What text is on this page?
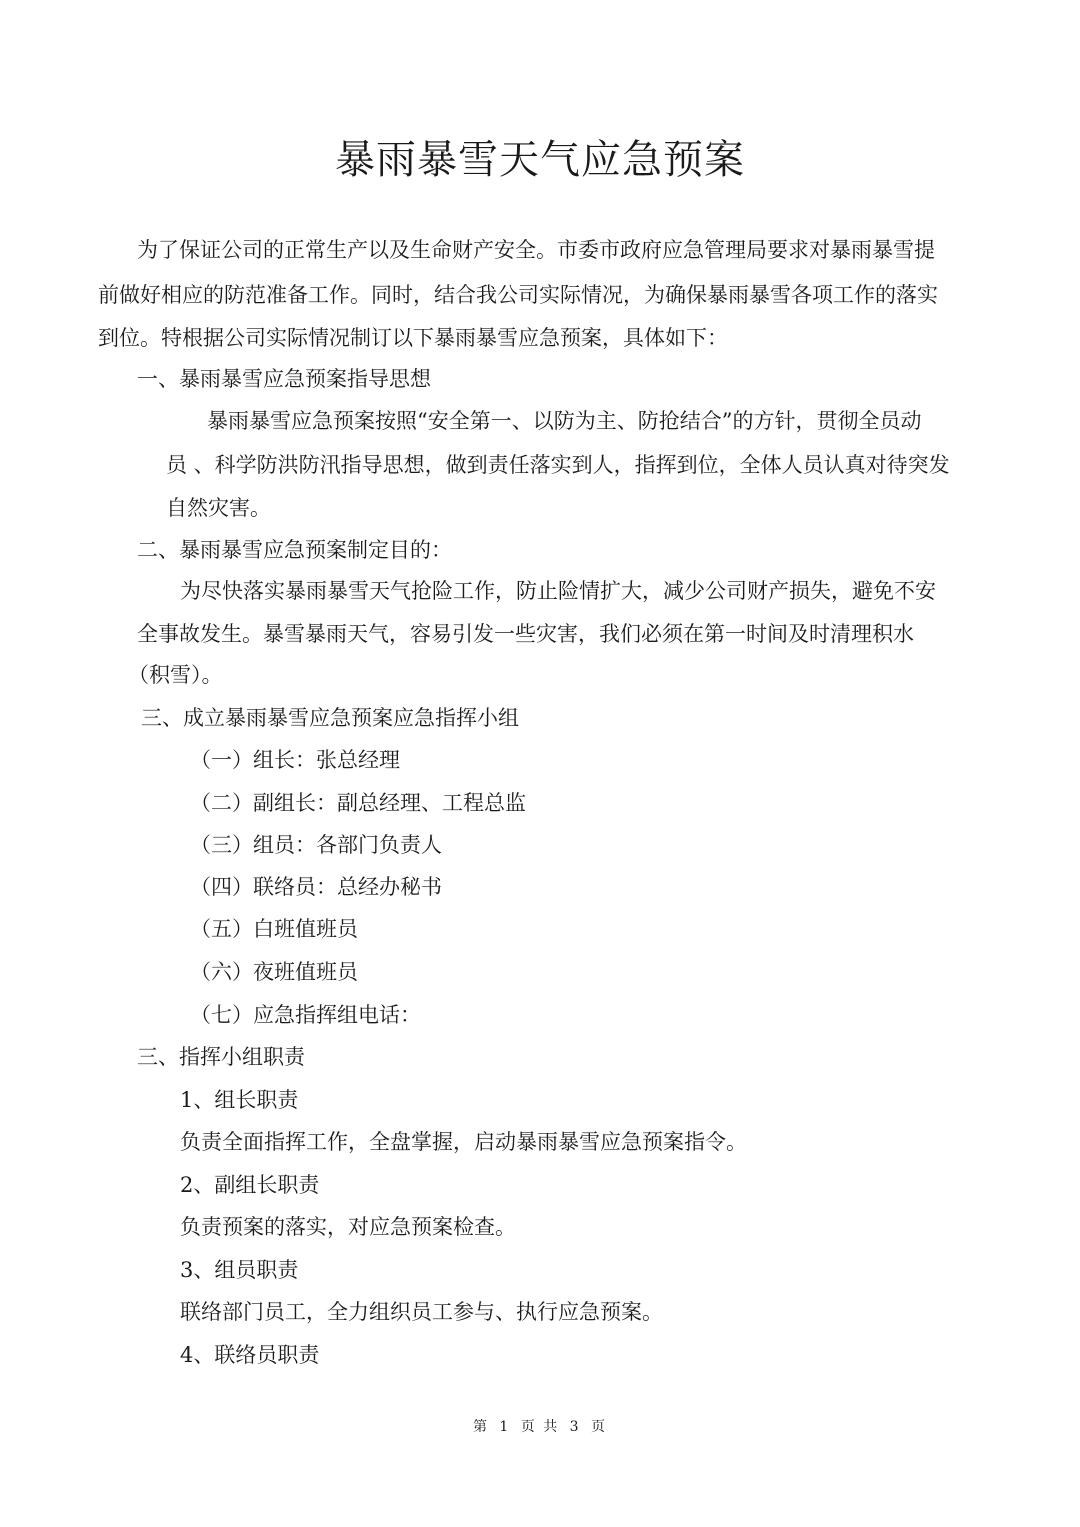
暴雨暴雪天气应急预案

为了保证公司的正常生产以及生命财产安全。市委市政府应急管理局要求对暴雨暴雪提

前做好相应的防范准备工作。同时，结合我公司实际情况，为确保暴雨暴雪各项工作的落实

到位。特根据公司实际情况制订以下暴雨暴雪应急预案，具体如下：

一、暴雨暴雪应急预案指导思想

暴雨暴雪应急预案按照“安全第一、以防为主、防抢结合”的方针，贯彻全员动

员 、科学防洪防汛指导思想，做到责任落实到人，指挥到位，全体人员认真对待突发

自然灾害。

二、暴雨暴雪应急预案制定目的：

为尽快落实暴雨暴雪天气抢险工作，防止险情扩大，减少公司财产损失，避免不安

全事故发生。暴雪暴雨天气，容易引发一些灾害，我们必须在第一时间及时清理积水

（积雪）。

三、成立暴雨暴雪应急预案应急指挥小组

（一）组长：张总经理

（二）副组长：副总经理、工程总监

（三）组员：各部门负责人

（四）联络员：总经办秘书

（五）白班值班员

（六）夜班值班员

（七）应急指挥组电话：

三、指挥小组职责

1、组长职责

负责全面指挥工作，全盘掌握，启动暴雨暴雪应急预案指令。

2、副组长职责

负责预案的落实，对应急预案检查。

3、组员职责

联络部门员工，全力组织员工参与、执行应急预案。

4、联络员职责

第 1 页 共 3 页
